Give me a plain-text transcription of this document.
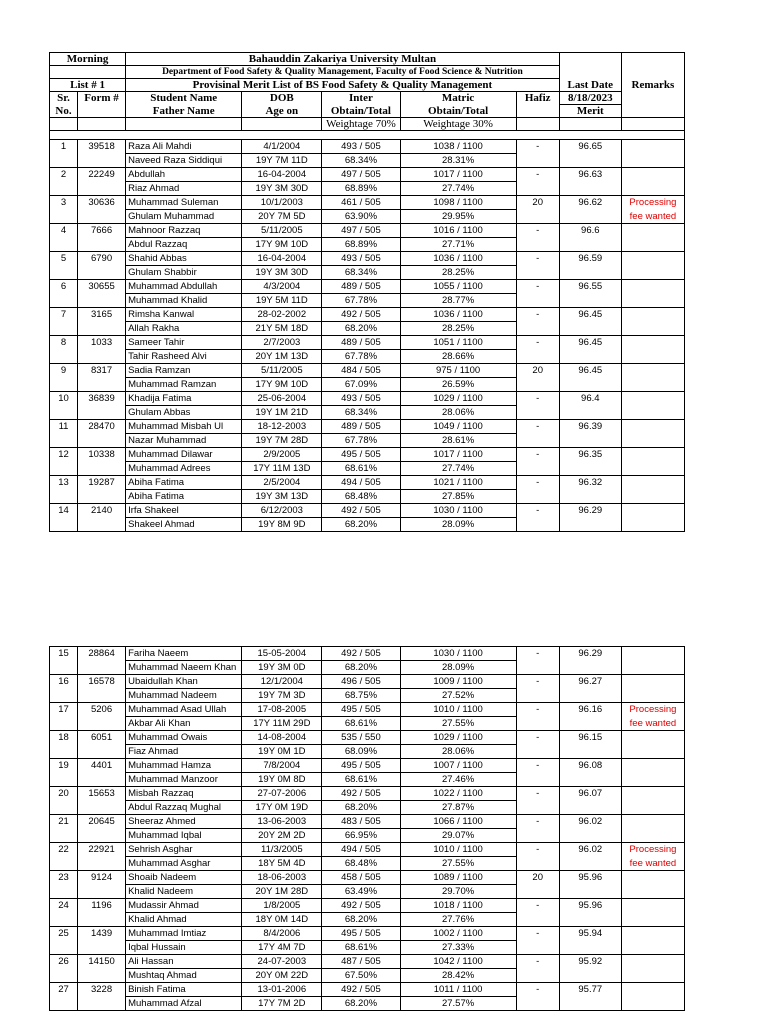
Morning		Bahauddin Zakariya University Multan					Last Date	Remarks
		Department of Food Safety & Quality Management, Faculty of Food Science & Nutrition						
List # 1		Provisinal Merit List of BS Food Safety & Quality Management						
Sr.	Form #	Student Name	DOB	Inter	Matric	Hafiz	8/18/2023	
No.		Father Name	Age on	Obtain/Total	Obtain/Total		Merit	
				Weightage 70%	Weightage 30%			

1	39518	Raza Ali Mahdi	4/1/2004	493 / 505	1038 / 1100	-	96.65	
		Naveed Raza Siddiqui	19Y 7M 11D	68.34%	28.31%			
2	22249	Abdullah	16-04-2004	497 / 505	1017 / 1100	-	96.63	
		Riaz Ahmad	19Y 3M 30D	68.89%	27.74%			
3	30636	Muhammad Suleman	10/1/2003	461 / 505	1098 / 1100	20	96.62	Processing
		Ghulam Muhammad	20Y 7M 5D	63.90%	29.95%			fee wanted
4	7666	Mahnoor Razzaq	5/11/2005	497 / 505	1016 / 1100	-	96.6	
		Abdul Razzaq	17Y 9M 10D	68.89%	27.71%			
5	6790	Shahid Abbas	16-04-2004	493 / 505	1036 / 1100	-	96.59	
		Ghulam Shabbir	19Y 3M 30D	68.34%	28.25%			
6	30655	Muhammad Abdullah	4/3/2004	489 / 505	1055 / 1100	-	96.55	
		Muhammad Khalid	19Y 5M 11D	67.78%	28.77%			
7	3165	Rimsha Kanwal	28-02-2002	492 / 505	1036 / 1100	-	96.45	
		Allah Rakha	21Y 5M 18D	68.20%	28.25%			
8	1033	Sameer Tahir	2/7/2003	489 / 505	1051 / 1100	-	96.45	
		Tahir Rasheed Alvi	20Y 1M 13D	67.78%	28.66%			
9	8317	Sadia Ramzan	5/11/2005	484 / 505	975 / 1100	20	96.45	
		Muhammad Ramzan	17Y 9M 10D	67.09%	26.59%			
10	36839	Khadija Fatima	25-06-2004	493 / 505	1029 / 1100	-	96.4	
		Ghulam Abbas	19Y 1M 21D	68.34%	28.06%			
11	28470	Muhammad Misbah Ul	18-12-2003	489 / 505	1049 / 1100	-	96.39	
		Nazar Muhammad	19Y 7M 28D	67.78%	28.61%			
12	10338	Muhammad Dilawar	2/9/2005	495 / 505	1017 / 1100	-	96.35	
		Muhammad Adrees	17Y 11M 13D	68.61%	27.74%			
13	19287	Abiha Fatima	2/5/2004	494 / 505	1021 / 1100	-	96.32	
		Abiha Fatima	19Y 3M 13D	68.48%	27.85%			
14	2140	Irfa Shakeel	6/12/2003	492 / 505	1030 / 1100	-	96.29	
		Shakeel Ahmad	19Y 8M 9D	68.20%	28.09%			
15	28864	Fariha Naeem	15-05-2004	492 / 505	1030 / 1100	-	96.29	
		Muhammad Naeem Khan	19Y 3M 0D	68.20%	28.09%			
16	16578	Ubaidullah Khan	12/1/2004	496 / 505	1009 / 1100	-	96.27	
		Muhammad Nadeem	19Y 7M 3D	68.75%	27.52%			
17	5206	Muhammad Asad Ullah	17-08-2005	495 / 505	1010 / 1100	-	96.16	Processing
		Akbar Ali Khan	17Y 11M 29D	68.61%	27.55%			fee wanted
18	6051	Muhammad Owais	14-08-2004	535 / 550	1029 / 1100	-	96.15	
		Fiaz Ahmad	19Y 0M 1D	68.09%	28.06%			
19	4401	Muhammad Hamza	7/8/2004	495 / 505	1007 / 1100	-	96.08	
		Muhammad Manzoor	19Y 0M 8D	68.61%	27.46%			
20	15653	Misbah Razzaq	27-07-2006	492 / 505	1022 / 1100	-	96.07	
		Abdul Razzaq Mughal	17Y 0M 19D	68.20%	27.87%			
21	20645	Sheeraz Ahmed	13-06-2003	483 / 505	1066 / 1100	-	96.02	
		Muhammad Iqbal	20Y 2M 2D	66.95%	29.07%			
22	22921	Sehrish Asghar	11/3/2005	494 / 505	1010 / 1100	-	96.02	Processing
		Muhammad Asghar	18Y 5M 4D	68.48%	27.55%			fee wanted
23	9124	Shoaib Nadeem	18-06-2003	458 / 505	1089 / 1100	20	95.96	
		Khalid Nadeem	20Y 1M 28D	63.49%	29.70%			
24	1196	Mudassir Ahmad	1/8/2005	492 / 505	1018 / 1100	-	95.96	
		Khalid Ahmad	18Y 0M 14D	68.20%	27.76%			
25	1439	Muhammad Imtiaz	8/4/2006	495 / 505	1002 / 1100	-	95.94	
		Iqbal Hussain	17Y 4M 7D	68.61%	27.33%			
26	14150	Ali Hassan	24-07-2003	487 / 505	1042 / 1100	-	95.92	
		Mushtaq Ahmad	20Y 0M 22D	67.50%	28.42%			
27	3228	Binish Fatima	13-01-2006	492 / 505	1011 / 1100	-	95.77	
		Muhammad Afzal	17Y 7M 2D	68.20%	27.57%			
